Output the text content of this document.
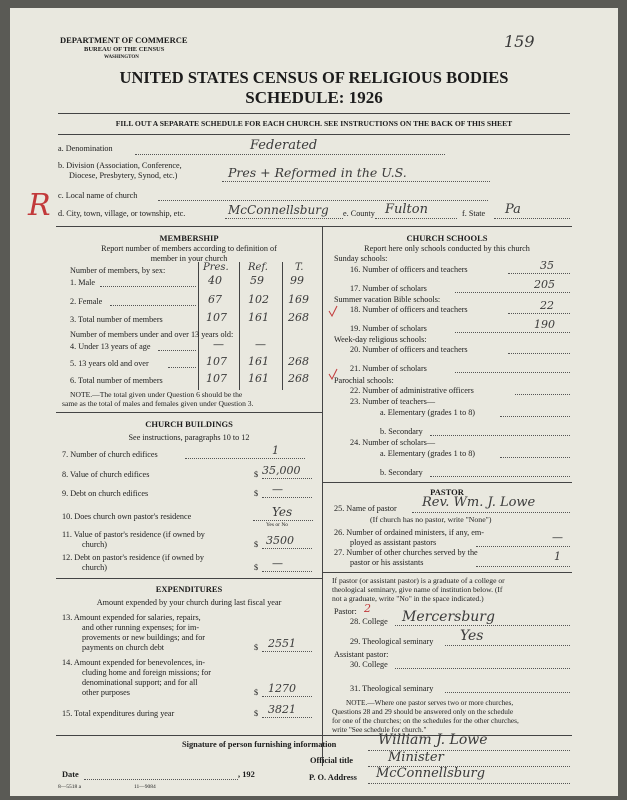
DEPARTMENT OF COMMERCE
BUREAU OF THE CENSUS
WASHINGTON
159
UNITED STATES CENSUS OF RELIGIOUS BODIES
SCHEDULE: 1926
FILL OUT A SEPARATE SCHEDULE FOR EACH CHURCH. SEE INSTRUCTIONS ON THE BACK OF THIS SHEET
R
a. Denomination	Federated
b. Division (Association, Conference,
Diocese, Presbytery, Synod, etc.)	Pres + Reformed in the U.S.
c. Local name of church
d. City, town, village, or township, etc.	McConnellsburg e. County Fulton	f. State Pa
MEMBERSHIP
Report number of members according to definition of
member in your church
Number of members, by sex:	Pres. Ref.	T.
1. Male	40	59 99
2. Female	67 102 169
3. Total number of members	107 161 268
Number of members under and over 13 years old:
4. Under 13 years of age	—	—
5. 13 years old and over	107 161 268
6. Total number of members	107 161 268
NOTE.—The total given under Question 6 should be the
same as the total of males and females given under Question 3.
CHURCH BUILDINGS
See instructions, paragraphs 10 to 12
7. Number of church edifices	1
8. Value of church edifices	$ 35,000
9. Debt on church edifices	$ —
10. Does church own pastor's residence	Yes
Yes or No
11. Value of pastor's residence (if owned by
church)	$ 3500
12. Debt on pastor's residence (if owned by
church)	$ —
EXPENDITURES
Amount expended by your church during last fiscal year
13. Amount expended for salaries, repairs,
and other running expenses; for im-
provements or new buildings; and for
payments on church debt	$ 2551
14. Amount expended for benevolences, in-
cluding home and foreign missions; for
denominational support; and for all
other purposes	$ 1270
15. Total expenditures during year	$ 3821
CHURCH SCHOOLS
Report here only schools conducted by this church
Sunday schools:
16. Number of officers and teachers	35
17. Number of scholars	205
Summer vacation Bible schools:
18. Number of officers and teachers	22
19. Number of scholars	190
Week-day religious schools:
20. Number of officers and teachers
21. Number of scholars
Parochial schools:
22. Number of administrative officers
23. Number of teachers—
a. Elementary (grades 1 to 8)
b. Secondary
24. Number of scholars—
a. Elementary (grades 1 to 8)
b. Secondary
PASTOR
25. Name of pastor Rev. Wm. J. Lowe
(If church has no pastor, write "None")
26. Number of ordained ministers, if any, em-
ployed as assistant pastors	—
27. Number of other churches served by the
pastor or his assistants	1
If pastor (or assistant pastor) is a graduate of a college or
theological seminary, give name of institution below. (If
not a graduate, write "No" in the space indicated.)
Pastor: 2
28. College Mercersburg
29. Theological seminary Yes
Assistant pastor:
30. College
31. Theological seminary
NOTE.—Where one pastor serves two or more churches,
Questions 28 and 29 should be answered only on the schedule
for one of the churches; on the schedules for the other churches,
write "See schedule for church."
Signature of person furnishing information	William J. Lowe
Official title	Minister
Date	, 192	P. O. Address McConnellsburg
8—5518 a	11—9084
